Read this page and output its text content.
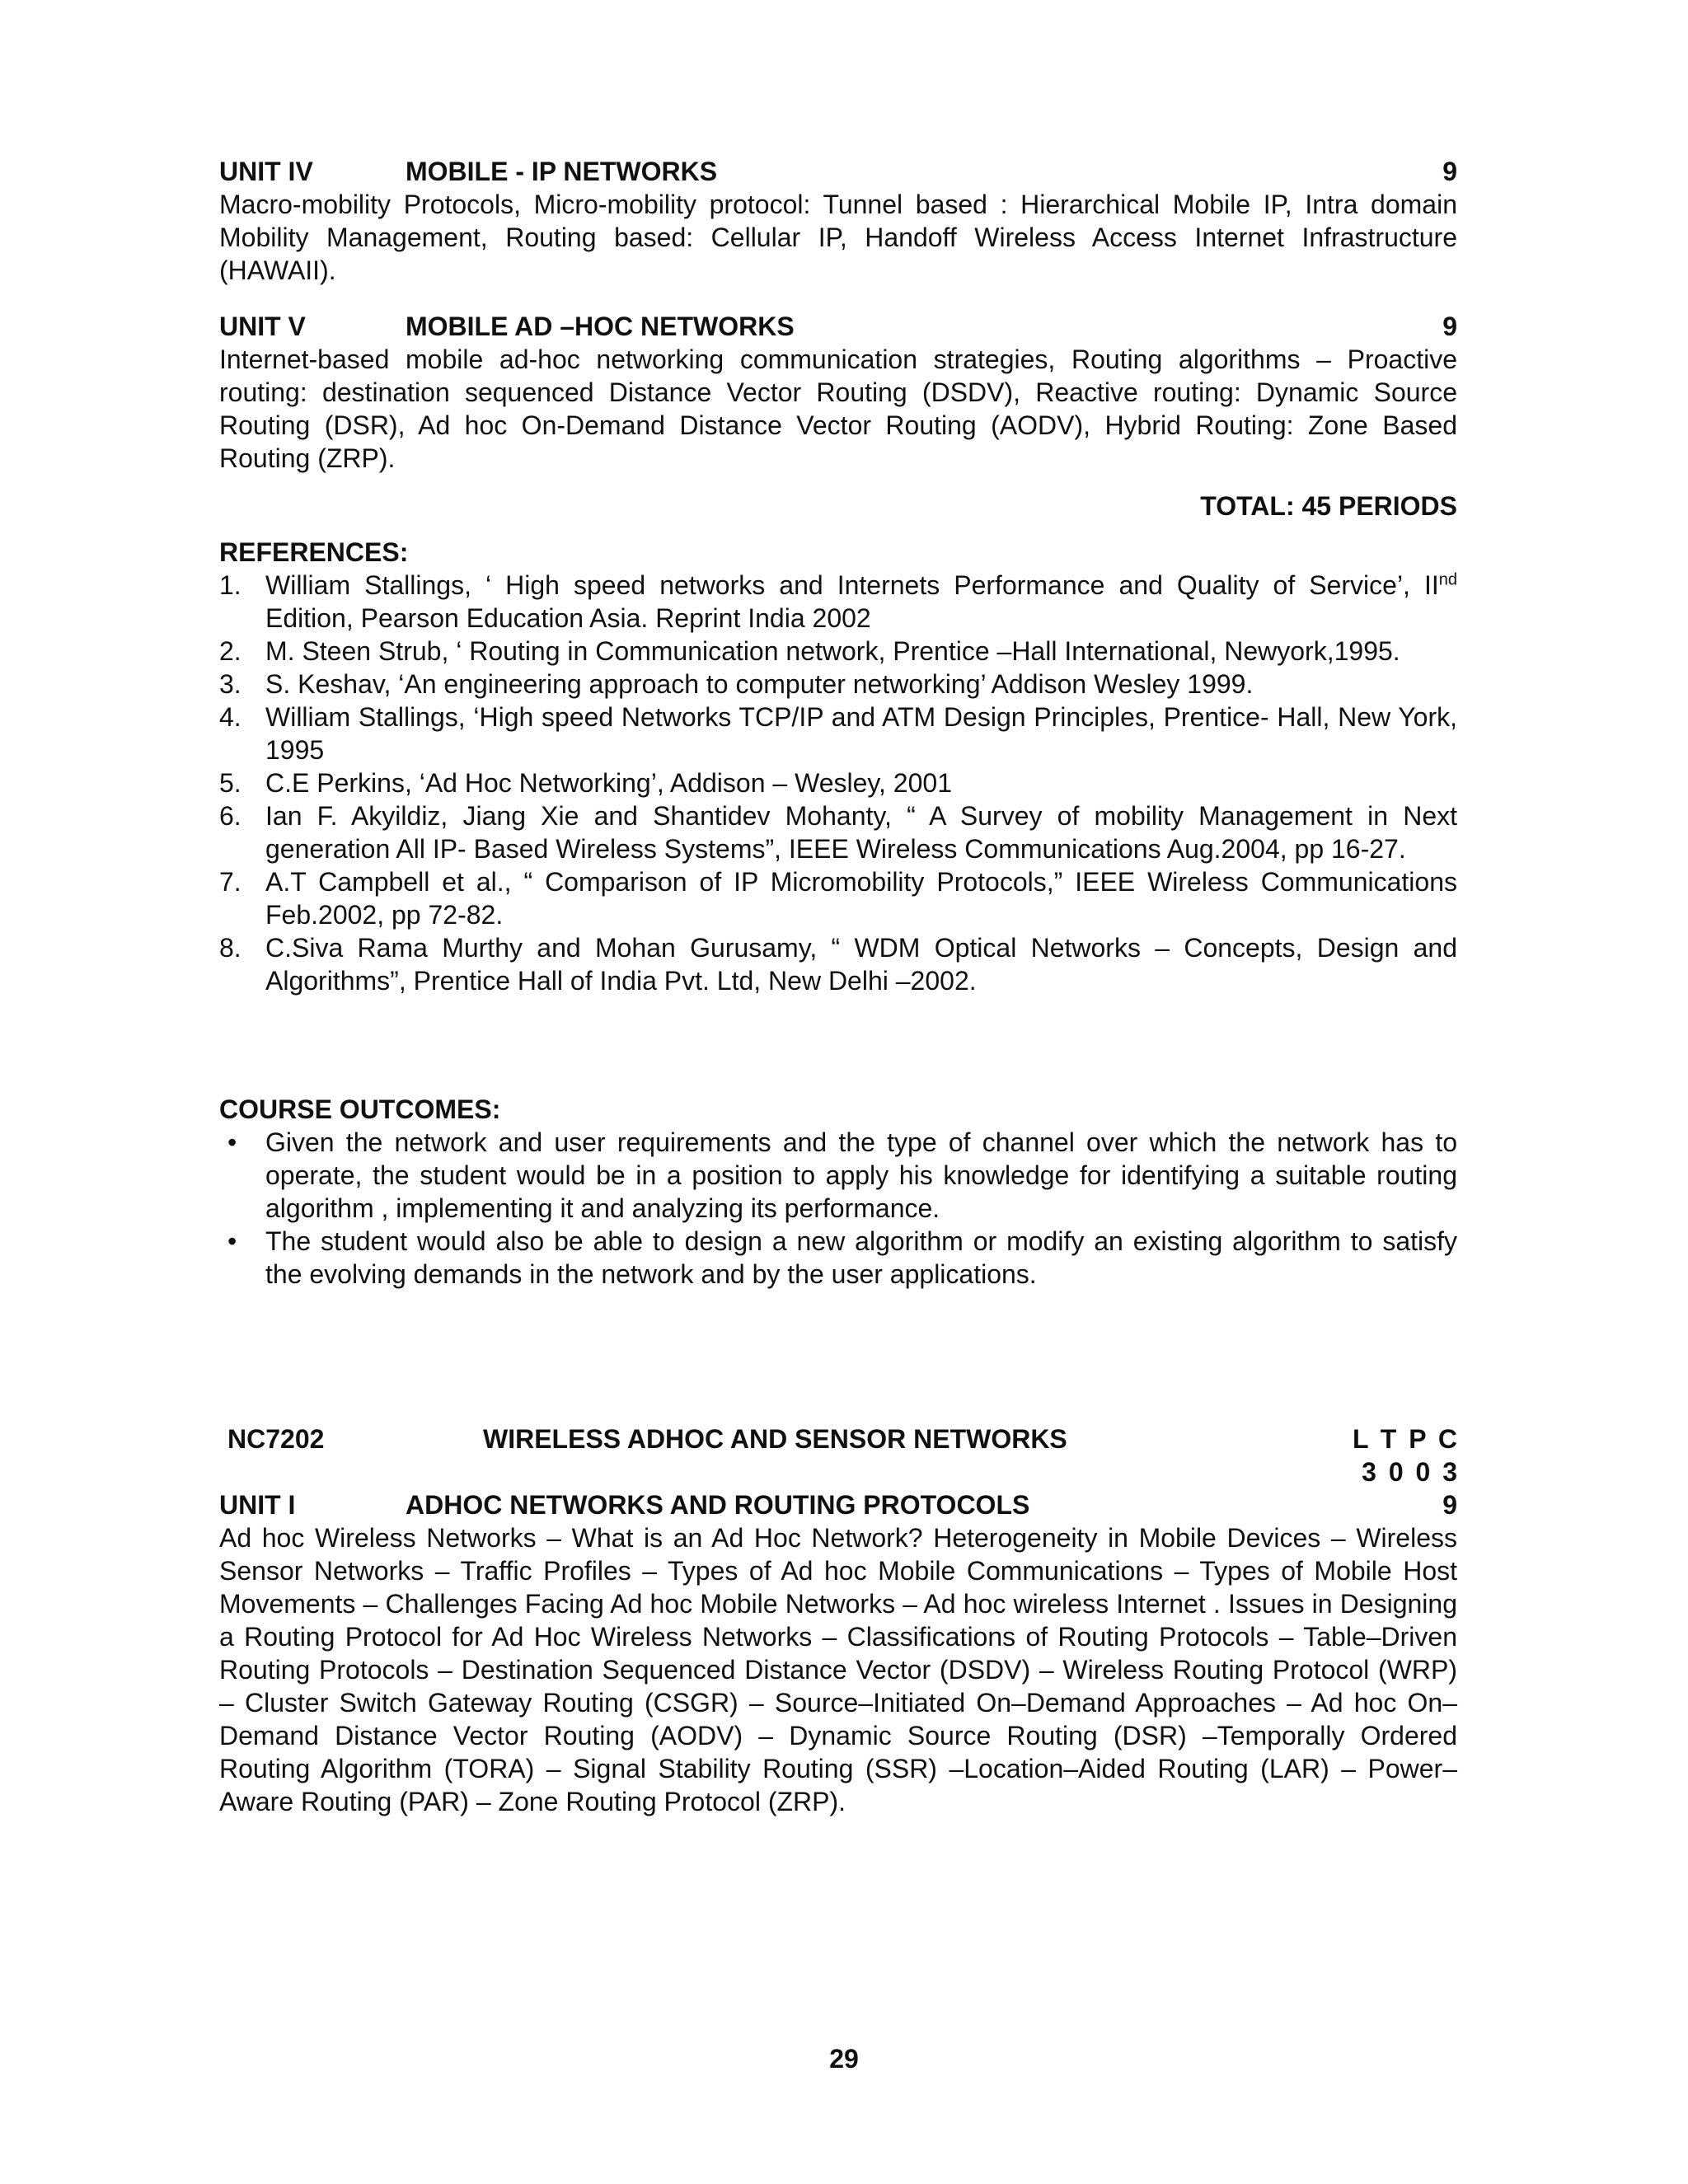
UNIT IV	MOBILE - IP NETWORKS	9

Macro-mobility Protocols, Micro-mobility protocol: Tunnel based : Hierarchical Mobile IP, Intra domain Mobility Management, Routing based: Cellular IP, Handoff Wireless Access Internet Infrastructure (HAWAII).

UNIT V	MOBILE AD –HOC NETWORKS	9

Internet-based mobile ad-hoc networking communication strategies, Routing algorithms – Proactive routing: destination sequenced Distance Vector Routing (DSDV), Reactive routing: Dynamic Source Routing (DSR), Ad hoc On-Demand Distance Vector Routing (AODV), Hybrid Routing: Zone Based Routing (ZRP).

TOTAL: 45 PERIODS

REFERENCES:

1. William Stallings, ‘ High speed networks and Internets Performance and Quality of Service’, IInd Edition, Pearson Education Asia. Reprint India 2002
2. M. Steen Strub, ‘ Routing in Communication network, Prentice –Hall International, Newyork,1995.
3. S. Keshav, ‘An engineering approach to computer networking’ Addison Wesley 1999.
4. William Stallings, ‘High speed Networks TCP/IP and ATM Design Principles, Prentice- Hall, New York, 1995
5. C.E Perkins, ‘Ad Hoc Networking’, Addison – Wesley, 2001
6. Ian F. Akyildiz, Jiang Xie and Shantidev Mohanty, “ A Survey of mobility Management in Next generation All IP- Based Wireless Systems”, IEEE Wireless Communications Aug.2004, pp 16-27.
7. A.T Campbell et al., “ Comparison of IP Micromobility Protocols,” IEEE Wireless Communications Feb.2002, pp 72-82.
8. C.Siva Rama Murthy and Mohan Gurusamy, “ WDM Optical Networks – Concepts, Design and Algorithms”, Prentice Hall of India Pvt. Ltd, New Delhi –2002.

COURSE OUTCOMES:

• Given the network and user requirements and the type of channel over which the network has to operate, the student would be in a position to apply his knowledge for identifying a suitable routing algorithm , implementing it and analyzing its performance.
• The student would also be able to design a new algorithm or modify an existing algorithm to satisfy the evolving demands in the network and by the user applications.
NC7202	WIRELESS ADHOC AND SENSOR NETWORKS	L T P C
3 0 0 3
UNIT I	ADHOC NETWORKS AND ROUTING PROTOCOLS	9

Ad hoc Wireless Networks – What is an Ad Hoc Network? Heterogeneity in Mobile Devices – Wireless Sensor Networks – Traffic Profiles – Types of Ad hoc Mobile Communications – Types of Mobile Host Movements – Challenges Facing Ad hoc Mobile Networks – Ad hoc wireless Internet . Issues in Designing a Routing Protocol for Ad Hoc Wireless Networks – Classifications of Routing Protocols – Table–Driven Routing Protocols – Destination Sequenced Distance Vector (DSDV) – Wireless Routing Protocol (WRP) – Cluster Switch Gateway Routing (CSGR) – Source–Initiated On–Demand Approaches – Ad hoc On–Demand Distance Vector Routing (AODV) – Dynamic Source Routing (DSR) –Temporally Ordered Routing Algorithm (TORA) – Signal Stability Routing (SSR) –Location–Aided Routing (LAR) – Power–Aware Routing (PAR) – Zone Routing Protocol (ZRP).

29
